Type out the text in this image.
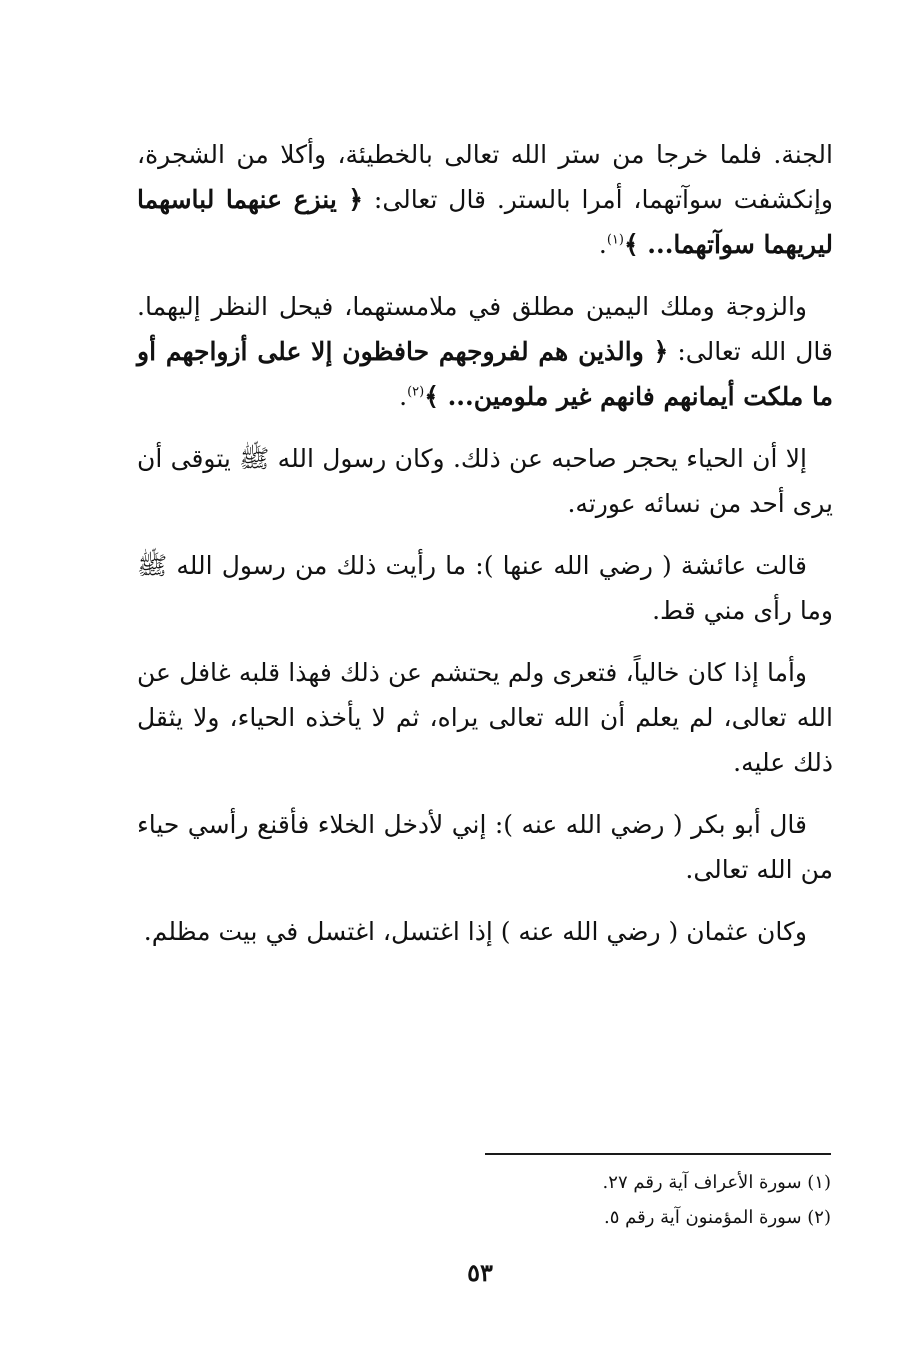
الجنة. فلما خرجا من ستر الله تعالى بالخطيئة، وأكلا من الشجرة، وإنكشفت سوآتهما، أمرا بالستر. قال تعالى: ﴿ ينزع عنهما لباسهما ليريهما سوآتهما... ﴾$^{(١)}$.

والزوجة وملك اليمين مطلق في ملامستهما، فيحل النظر إليهما. قال الله تعالى: ﴿ والذين هم لفروجهم حافظون إلا على أزواجهم أو ما ملكت أيمانهم فانهم غير ملومين... ﴾$^{(٢)}$.

إلا أن الحياء يحجر صاحبه عن ذلك. وكان رسول الله ﷺ يتوقى أن يرى أحد من نسائه عورته.

قالت عائشة ( رضي الله عنها ): ما رأيت ذلك من رسول الله ﷺ وما رأى مني قط.

وأما إذا كان خالياً، فتعرى ولم يحتشم عن ذلك فهذا قلبه غافل عن الله تعالى، لم يعلم أن الله تعالى يراه، ثم لا يأخذه الحياء، ولا يثقل ذلك عليه.

قال أبو بكر ( رضي الله عنه ): إني لأدخل الخلاء فأقنع رأسي حياء من الله تعالى.

وكان عثمان ( رضي الله عنه ) إذا اغتسل، اغتسل في بيت مظلم.

(١) سورة الأعراف آية رقم ٢٧.

(٢) سورة المؤمنون آية رقم ٥.

٥٣
